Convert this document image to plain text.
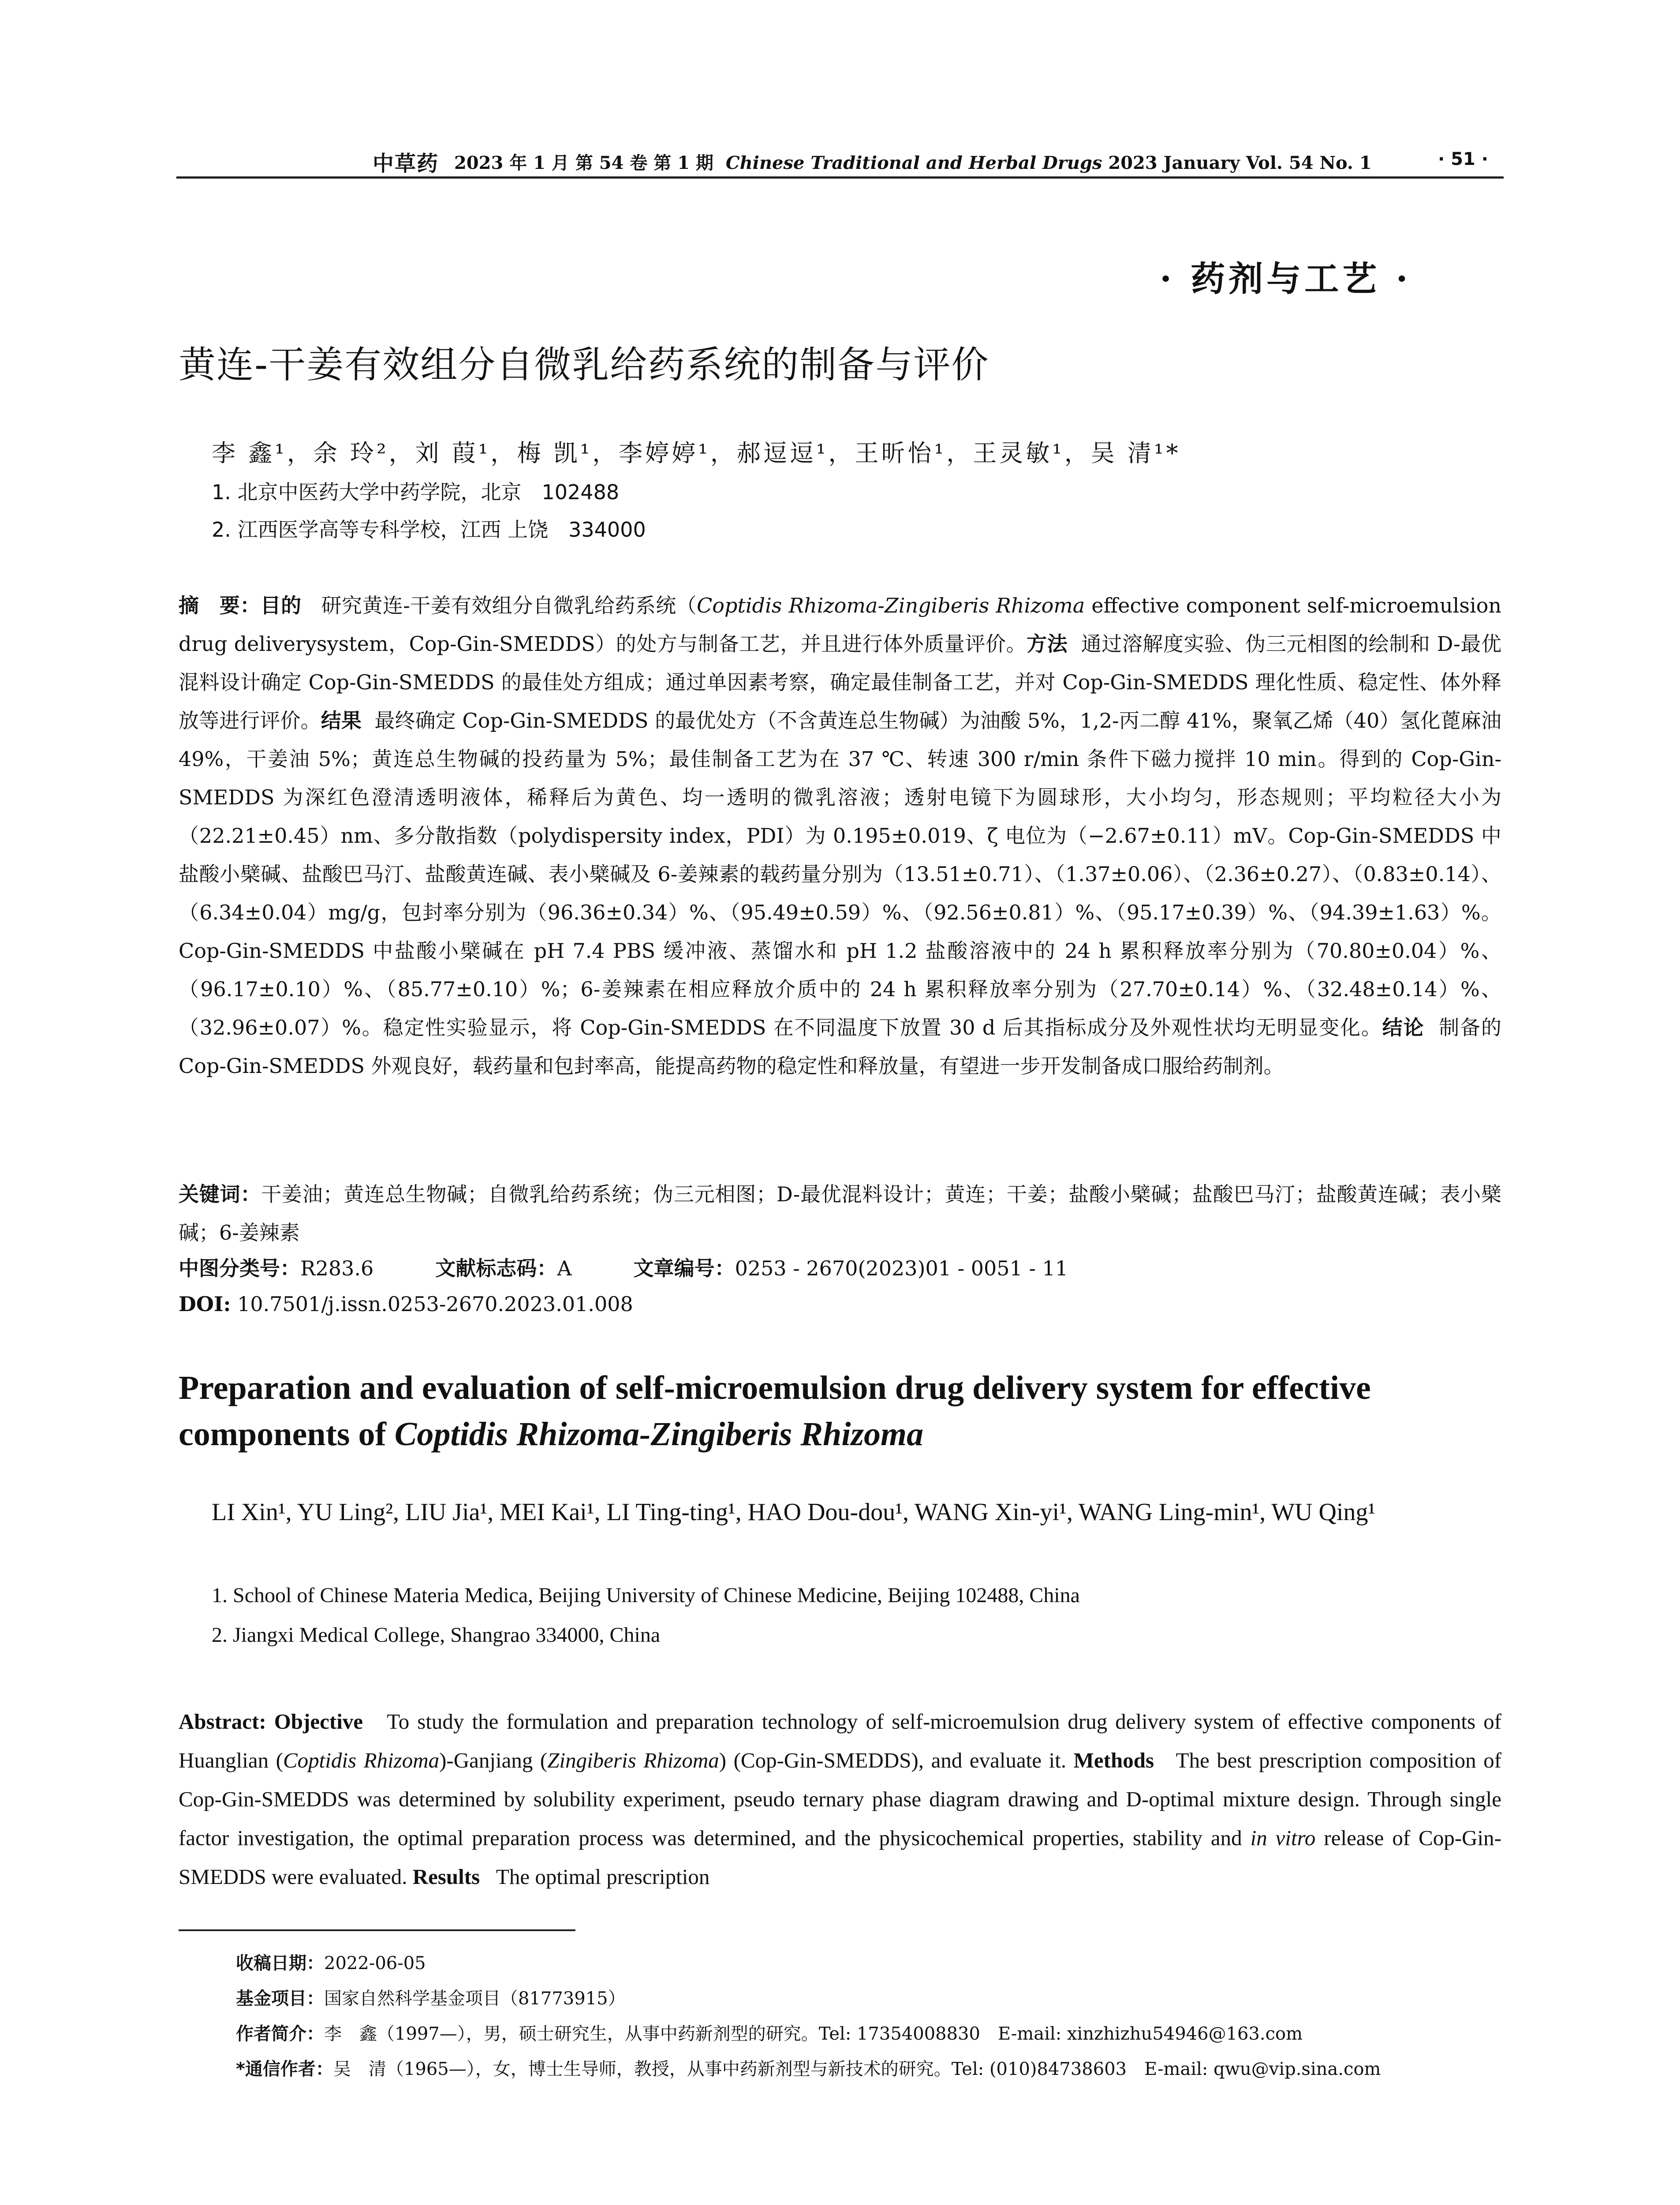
中草药 2023 年 1 月 第 54 卷 第 1 期 Chinese Traditional and Herbal Drugs 2023 January Vol. 54 No. 1	· 51 ·
· 药剂与工艺 ·
黄连-干姜有效组分自微乳给药系统的制备与评价
李 鑫¹，余 玲²，刘 葭¹，梅 凯¹，李婷婷¹，郝逗逗¹，王昕怡¹，王灵敏¹，吴 清¹*
1. 北京中医药大学中药学院，北京　102488
2. 江西医学高等专科学校，江西 上饶　334000
摘　要：目的 研究黄连-干姜有效组分自微乳给药系统（Coptidis Rhizoma-Zingiberis Rhizoma effective component self-microemulsion drug deliverysystem，Cop-Gin-SMEDDS）的处方与制备工艺，并且进行体外质量评价。方法 通过溶解度实验、伪三元相图的绘制和 D-最优混料设计确定 Cop-Gin-SMEDDS 的最佳处方组成；通过单因素考察，确定最佳制备工艺，并对 Cop-Gin-SMEDDS 理化性质、稳定性、体外释放等进行评价。结果 最终确定 Cop-Gin-SMEDDS 的最优处方（不含黄连总生物碱）为油酸 5%，1,2-丙二醇 41%，聚氧乙烯（40）氢化蓖麻油 49%，干姜油 5%；黄连总生物碱的投药量为 5%；最佳制备工艺为在 37 ℃、转速 300 r/min 条件下磁力搅拌 10 min。得到的 Cop-Gin-SMEDDS 为深红色澄清透明液体，稀释后为黄色、均一透明的微乳溶液；透射电镜下为圆球形，大小均匀，形态规则；平均粒径大小为（22.21±0.45）nm、多分散指数（polydispersity index，PDI）为 0.195±0.019、ζ 电位为（−2.67±0.11）mV。Cop-Gin-SMEDDS 中盐酸小檗碱、盐酸巴马汀、盐酸黄连碱、表小檗碱及 6-姜辣素的载药量分别为（13.51±0.71）、（1.37±0.06）、（2.36±0.27）、（0.83±0.14）、（6.34±0.04）mg/g，包封率分别为（96.36±0.34）%、（95.49±0.59）%、（92.56±0.81）%、（95.17±0.39）%、（94.39±1.63）%。Cop-Gin-SMEDDS 中盐酸小檗碱在 pH 7.4 PBS 缓冲液、蒸馏水和 pH 1.2 盐酸溶液中的 24 h 累积释放率分别为（70.80±0.04）%、（96.17±0.10）%、（85.77±0.10）%；6-姜辣素在相应释放介质中的 24 h 累积释放率分别为（27.70±0.14）%、（32.48±0.14）%、（32.96±0.07）%。稳定性实验显示，将 Cop-Gin-SMEDDS 在不同温度下放置 30 d 后其指标成分及外观性状均无明显变化。结论 制备的 Cop-Gin-SMEDDS 外观良好，载药量和包封率高，能提高药物的稳定性和释放量，有望进一步开发制备成口服给药制剂。
关键词：干姜油；黄连总生物碱；自微乳给药系统；伪三元相图；D-最优混料设计；黄连；干姜；盐酸小檗碱；盐酸巴马汀；盐酸黄连碱；表小檗碱；6-姜辣素
中图分类号：R283.6	文献标志码：A	文章编号：0253 - 2670(2023)01 - 0051 - 11
DOI: 10.7501/j.issn.0253-2670.2023.01.008
Preparation and evaluation of self-microemulsion drug delivery system for effective components of Coptidis Rhizoma-Zingiberis Rhizoma
LI Xin¹, YU Ling², LIU Jia¹, MEI Kai¹, LI Ting-ting¹, HAO Dou-dou¹, WANG Xin-yi¹, WANG Ling-min¹, WU Qing¹
1. School of Chinese Materia Medica, Beijing University of Chinese Medicine, Beijing 102488, China
2. Jiangxi Medical College, Shangrao 334000, China
Abstract: Objective To study the formulation and preparation technology of self-microemulsion drug delivery system of effective components of Huanglian (Coptidis Rhizoma)-Ganjiang (Zingiberis Rhizoma) (Cop-Gin-SMEDDS), and evaluate it. Methods The best prescription composition of Cop-Gin-SMEDDS was determined by solubility experiment, pseudo ternary phase diagram drawing and D-optimal mixture design. Through single factor investigation, the optimal preparation process was determined, and the physicochemical properties, stability and in vitro release of Cop-Gin-SMEDDS were evaluated. Results The optimal prescription
收稿日期：2022-06-05
基金项目：国家自然科学基金项目（81773915）
作者简介：李　鑫（1997—），男，硕士研究生，从事中药新剂型的研究。Tel: 17354008830　E-mail: xinzhizhu54946@163.com
*通信作者：吴　清（1965—），女，博士生导师，教授，从事中药新剂型与新技术的研究。Tel: (010)84738603　E-mail: qwu@vip.sina.com
